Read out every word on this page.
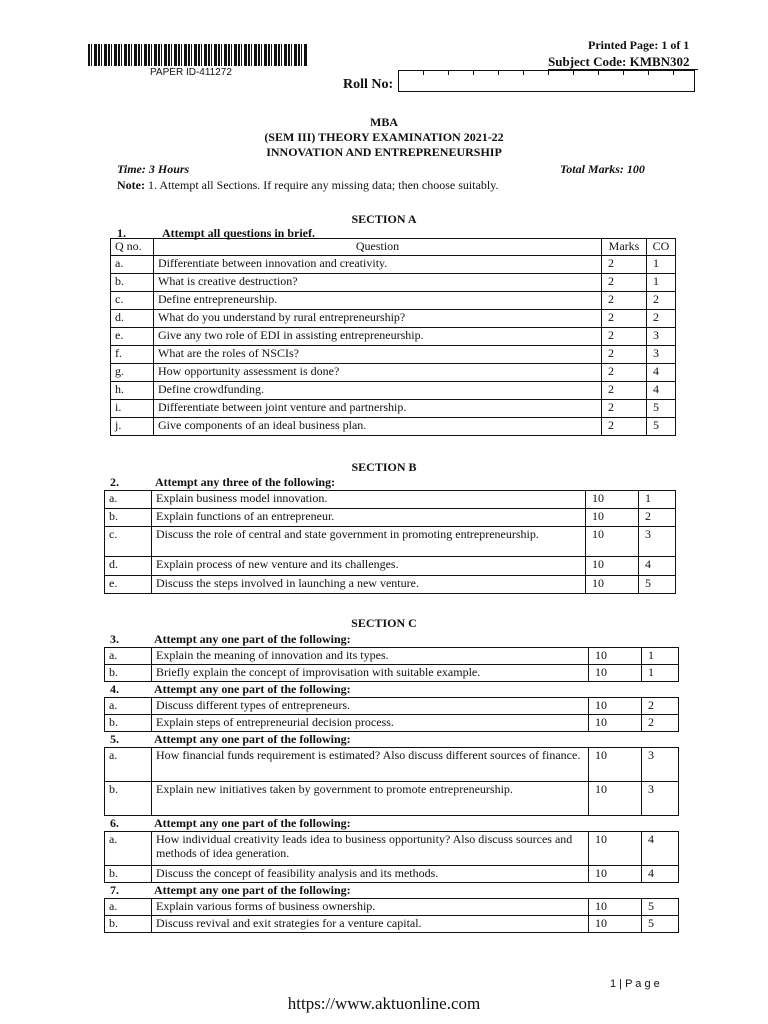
PAPER ID-411272
Printed Page: 1 of 1
Subject Code: KMBN302
Roll No:
MBA
(SEM III) THEORY EXAMINATION 2021-22
INNOVATION AND ENTREPRENEURSHIP
Time: 3 Hours	Total Marks: 100
Note: 1. Attempt all Sections. If require any missing data; then choose suitably.
SECTION A
1.	Attempt all questions in brief.
Q no.	Question	Marks	CO
a.	Differentiate between innovation and creativity.	2	1
b.	What is creative destruction?	2	1
c.	Define entrepreneurship.	2	2
d.	What do you understand by rural entrepreneurship?	2	2
e.	Give any two role of EDI in assisting entrepreneurship.	2	3
f.	What are the roles of NSCIs?	2	3
g.	How opportunity assessment is done?	2	4
h.	Define crowdfunding.	2	4
i.	Differentiate between joint venture and partnership.	2	5
j.	Give components of an ideal business plan.	2	5
SECTION B
2.	Attempt any three of the following:
a.	Explain business model innovation.	10	1
b.	Explain functions of an entrepreneur.	10	2
c.	Discuss the role of central and state government in promoting entrepreneurship.	10	3
d.	Explain process of new venture and its challenges.	10	4
e.	Discuss the steps involved in launching a new venture.	10	5
SECTION C
3.	Attempt any one part of the following:
a.	Explain the meaning of innovation and its types.	10	1
b.	Briefly explain the concept of improvisation with suitable example.	10	1
4.	Attempt any one part of the following:
a.	Discuss different types of entrepreneurs.	10	2
b.	Explain steps of entrepreneurial decision process.	10	2
5.	Attempt any one part of the following:
a.	How financial funds requirement is estimated? Also discuss different sources of finance.	10	3
b.	Explain new initiatives taken by government to promote entrepreneurship.	10	3
6.	Attempt any one part of the following:
a.	How individual creativity leads idea to business opportunity? Also discuss sources and methods of idea generation.	10	4
b.	Discuss the concept of feasibility analysis and its methods.	10	4
7.	Attempt any one part of the following:
a.	Explain various forms of business ownership.	10	5
b.	Discuss revival and exit strategies for a venture capital.	10	5
1 | P a g e
https://www.aktuonline.com
